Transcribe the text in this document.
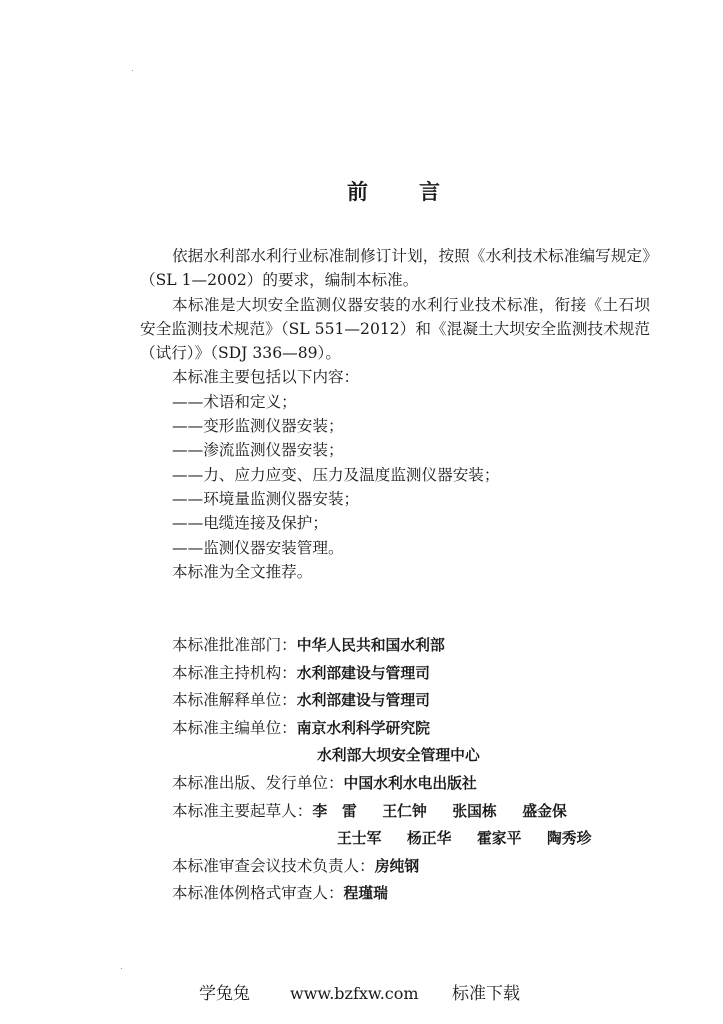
前 言

依据水利部水利行业标准制修订计划，按照《水利技术标准编写规定》（SL 1—2002）的要求，编制本标准。

本标准是大坝安全监测仪器安装的水利行业技术标准，衔接《土石坝安全监测技术规范》（SL 551—2012）和《混凝土大坝安全监测技术规范（试行）》（SDJ 336—89）。

本标准主要包括以下内容：

——术语和定义；

——变形监测仪器安装；

——渗流监测仪器安装；

——力、应力应变、压力及温度监测仪器安装；

——环境量监测仪器安装；

——电缆连接及保护；

——监测仪器安装管理。

本标准为全文推荐。

本标准批准部门：中华人民共和国水利部
本标准主持机构：水利部建设与管理司
本标准解释单位：水利部建设与管理司
本标准主编单位：南京水利科学研究院
水利部大坝安全管理中心
本标准出版、发行单位：中国水利水电出版社
本标准主要起草人：李　雷 王仁钟 张国栋 盛金保
王士军 杨正华 霍家平 陶秀珍
本标准审查会议技术负责人：房纯钢
本标准体例格式审查人：程瑾瑞
学兔兔	www.bzfxw.com 标准下载
